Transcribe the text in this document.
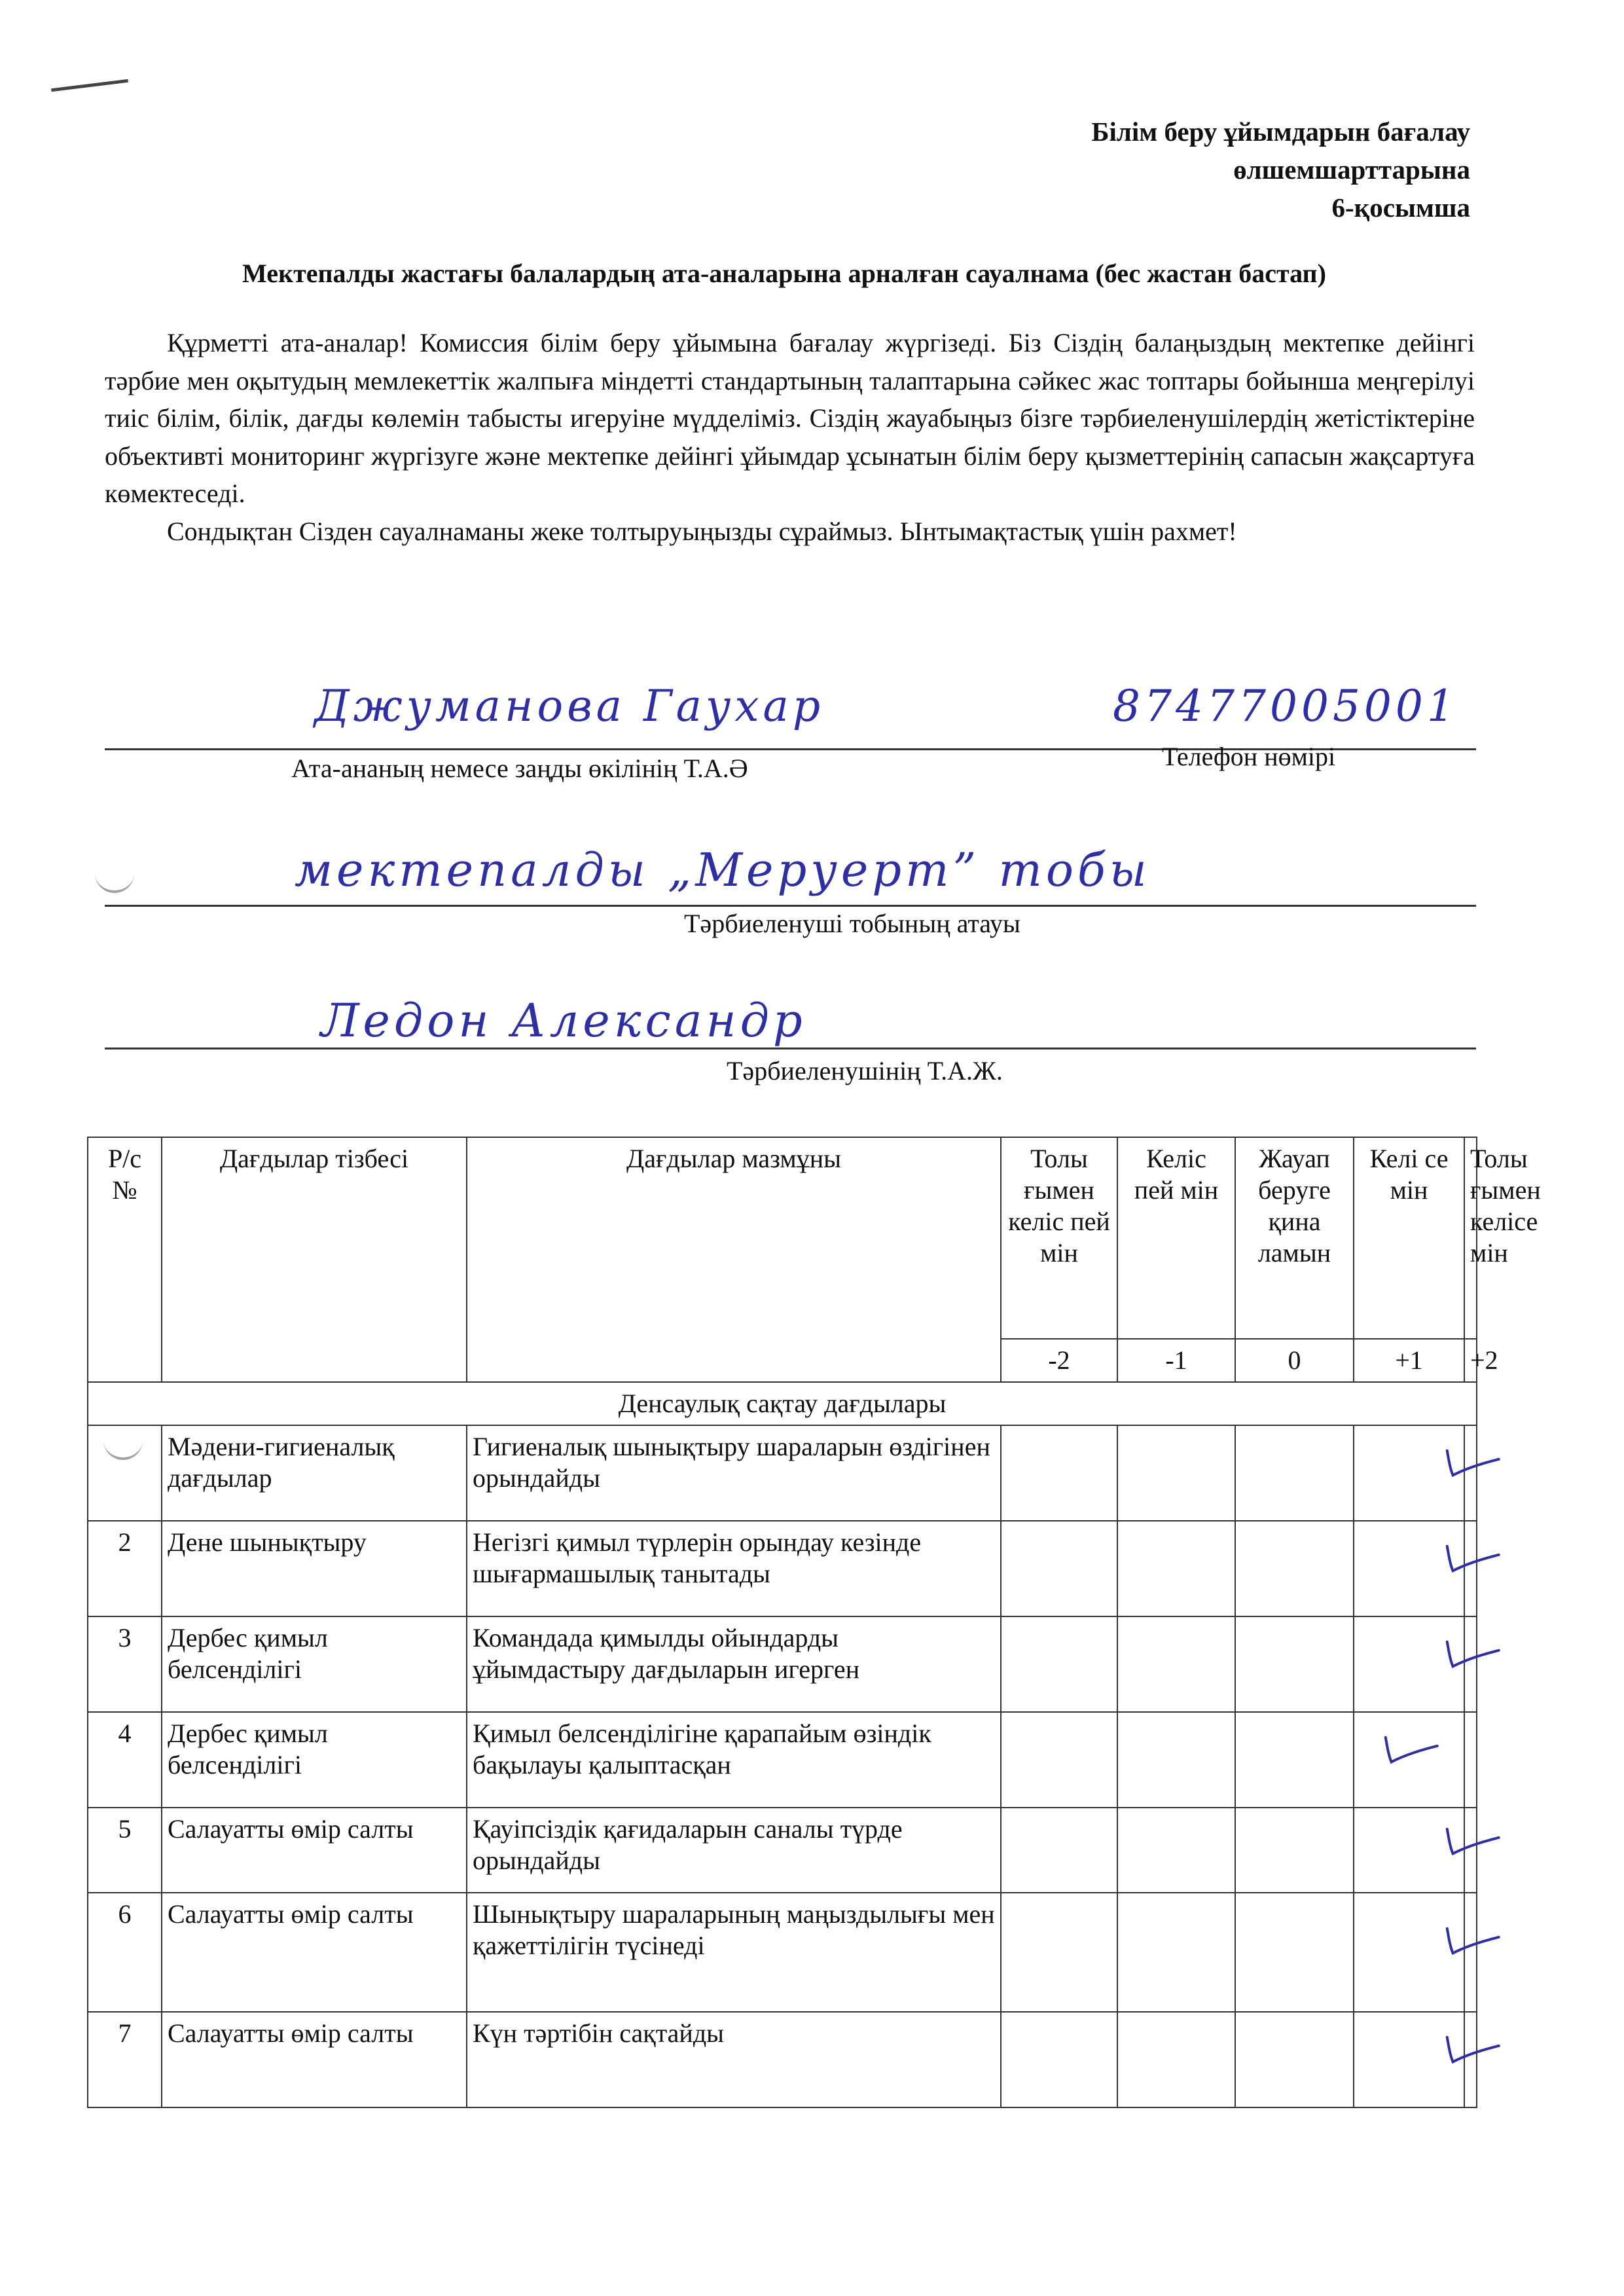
Білім беру ұйымдарын бағалау
өлшемшарттарына
6-қосымша
Мектепалды жастағы балалардың ата-аналарына арналған сауалнама (бес жастан бастап)

Құрметті ата-аналар! Комиссия білім беру ұйымына бағалау жүргізеді. Біз Сіздің балаңыздың мектепке дейінгі тәрбие мен оқытудың мемлекеттік жалпыға міндетті стандартының талаптарына сәйкес жас топтары бойынша меңгерілуі тиіс білім, білік, дағды көлемін табысты игеруіне мүдделіміз. Сіздің жауабыңыз бізге тәрбиеленушілердің жетістіктеріне объективті мониторинг жүргізуге және мектепке дейінгі ұйымдар ұсынатын білім беру қызметтерінің сапасын жақсартуға көмектеседі.

Сондықтан Сізден сауалнаманы жеке толтыруыңызды сұраймыз. Ынтымақтастық үшін рахмет!

Джуманова Гаухар	87477005001
Ата-ананың немесе заңды өкілінің Т.А.Ә	Телефон нөмірі
мектепалды „Меруерт” тобы
Тәрбиеленуші тобының атауы
Ледон Александр
Тәрбиеленушінің Т.А.Ж.
Р/с №	Дағдылар тізбесі	Дағдылар мазмұны	Толы ғымен келіс пей мін	Келіс пей мін	Жауап беруге қина ламын	Келі се мін	Толы ғымен келісе мін
			-2	-1	0	+1	+2
Денсаулық сақтау дағдылары							

	Мәдени-гигиеналық дағдылар	Гигиеналық шынықтыру шараларын өздігінен орындайды					

2	Дене шынықтыру	Негізгі қимыл түрлерін орындау кезінде шығармашылық танытады					

3	Дербес қимыл белсенділігі	Командада қимылды ойындарды ұйымдастыру дағдыларын игерген					

4	Дербес қимыл белсенділігі	Қимыл белсенділігіне қарапайым өзіндік бақылауы қалыптасқан				

5	Салауатты өмір салты	Қауіпсіздік қағидаларын саналы түрде орындайды					

6	Салауатты өмір салты	Шынықтыру шараларының маңыздылығы мен қажеттілігін түсінеді					

7	Салауатты өмір салты	Күн тәртібін сақтайды					
